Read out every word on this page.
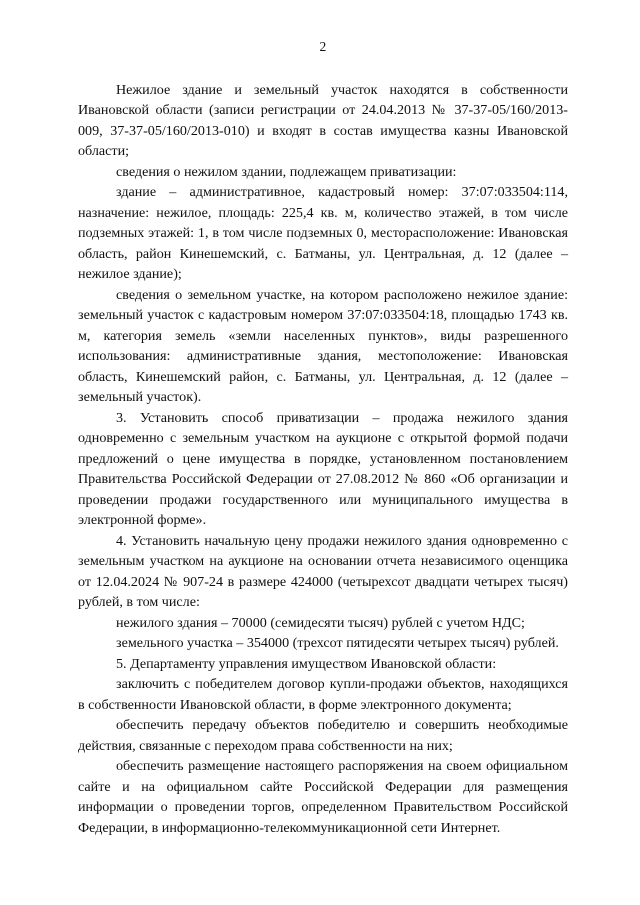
2

Нежилое здание и земельный участок находятся в собственности Ивановской области (записи регистрации от 24.04.2013 № 37-37-05/160/2013-009, 37-37-05/160/2013-010) и входят в состав имущества казны Ивановской области;

сведения о нежилом здании, подлежащем приватизации:

здание – административное, кадастровый номер: 37:07:033504:114, назначение: нежилое, площадь: 225,4 кв. м, количество этажей, в том числе подземных этажей: 1, в том числе подземных 0, месторасположение: Ивановская область, район Кинешемский, с. Батманы, ул. Центральная, д. 12 (далее – нежилое здание);

сведения о земельном участке, на котором расположено нежилое здание: земельный участок с кадастровым номером 37:07:033504:18, площадью 1743 кв. м, категория земель «земли населенных пунктов», виды разрешенного использования: административные здания, местоположение: Ивановская область, Кинешемский район, с. Батманы, ул. Центральная, д. 12 (далее – земельный участок).

3. Установить способ приватизации – продажа нежилого здания одновременно с земельным участком на аукционе с открытой формой подачи предложений о цене имущества в порядке, установленном постановлением Правительства Российской Федерации от 27.08.2012 № 860 «Об организации и проведении продажи государственного или муниципального имущества в электронной форме».

4. Установить начальную цену продажи нежилого здания одновременно с земельным участком на аукционе на основании отчета независимого оценщика от 12.04.2024 № 907-24 в размере 424000 (четырехсот двадцати четырех тысяч) рублей, в том числе:

нежилого здания – 70000 (семидесяти тысяч) рублей с учетом НДС;

земельного участка – 354000 (трехсот пятидесяти четырех тысяч) рублей.

5. Департаменту управления имуществом Ивановской области:

заключить с победителем договор купли-продажи объектов, находящихся в собственности Ивановской области, в форме электронного документа;

обеспечить передачу объектов победителю и совершить необходимые действия, связанные с переходом права собственности на них;

обеспечить размещение настоящего распоряжения на своем официальном сайте и на официальном сайте Российской Федерации для размещения информации о проведении торгов, определенном Правительством Российской Федерации, в информационно-телекоммуникационной сети Интернет.
